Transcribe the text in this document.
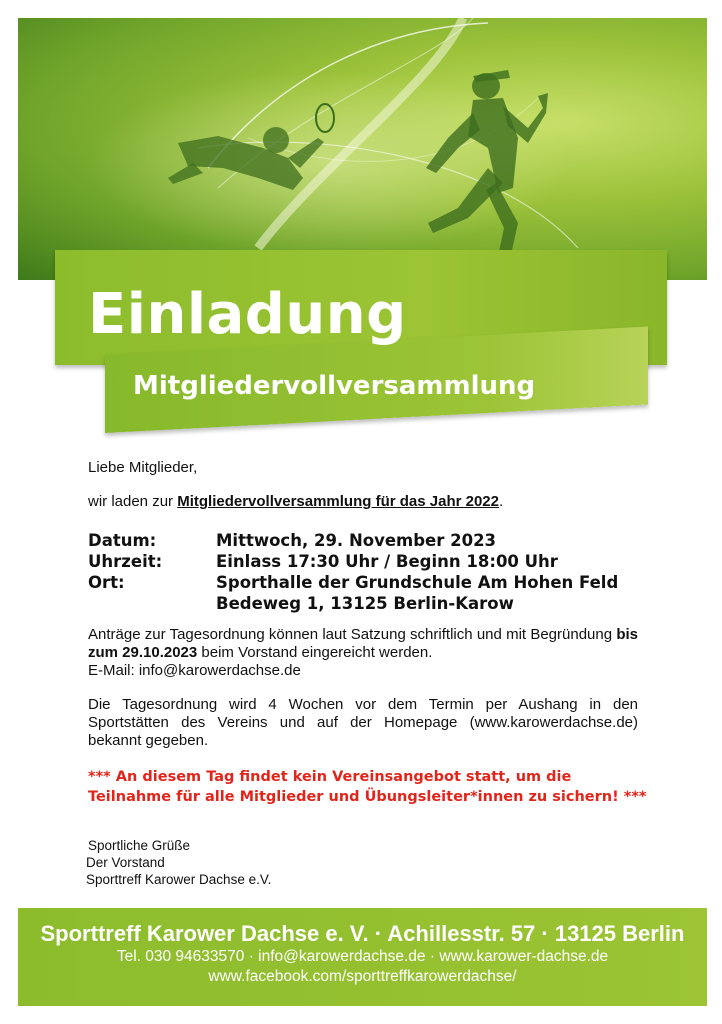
Einladung
Mitgliedervollversammlung
Liebe Mitglieder,
wir laden zur Mitgliedervollversammlung für das Jahr 2022.
Datum:	Mittwoch, 29. November 2023
Uhrzeit:	Einlass 17:30 Uhr / Beginn 18:00 Uhr
Ort:	Sporthalle der Grundschule Am Hohen Feld
Bedeweg 1, 13125 Berlin-Karow
Anträge zur Tagesordnung können laut Satzung schriftlich und mit Begründung bis zum 29.10.2023 beim Vorstand eingereicht werden.
E-Mail: info@karowerdachse.de
Die Tagesordnung wird 4 Wochen vor dem Termin per Aushang in den Sportstätten des Vereins und auf der Homepage (www.karowerdachse.de) bekannt gegeben.
*** An diesem Tag findet kein Vereinsangebot statt, um die
Teilnahme für alle Mitglieder und Übungsleiter*innen zu sichern! ***
Sportliche Grüße
Der Vorstand
Sporttreff Karower Dachse e.V.
Sporttreff Karower Dachse e. V. · Achillesstr. 57 · 13125 Berlin
Tel. 030 94633570 · info@karowerdachse.de · www.karower-dachse.de
www.facebook.com/sporttreffkarowerdachse/
